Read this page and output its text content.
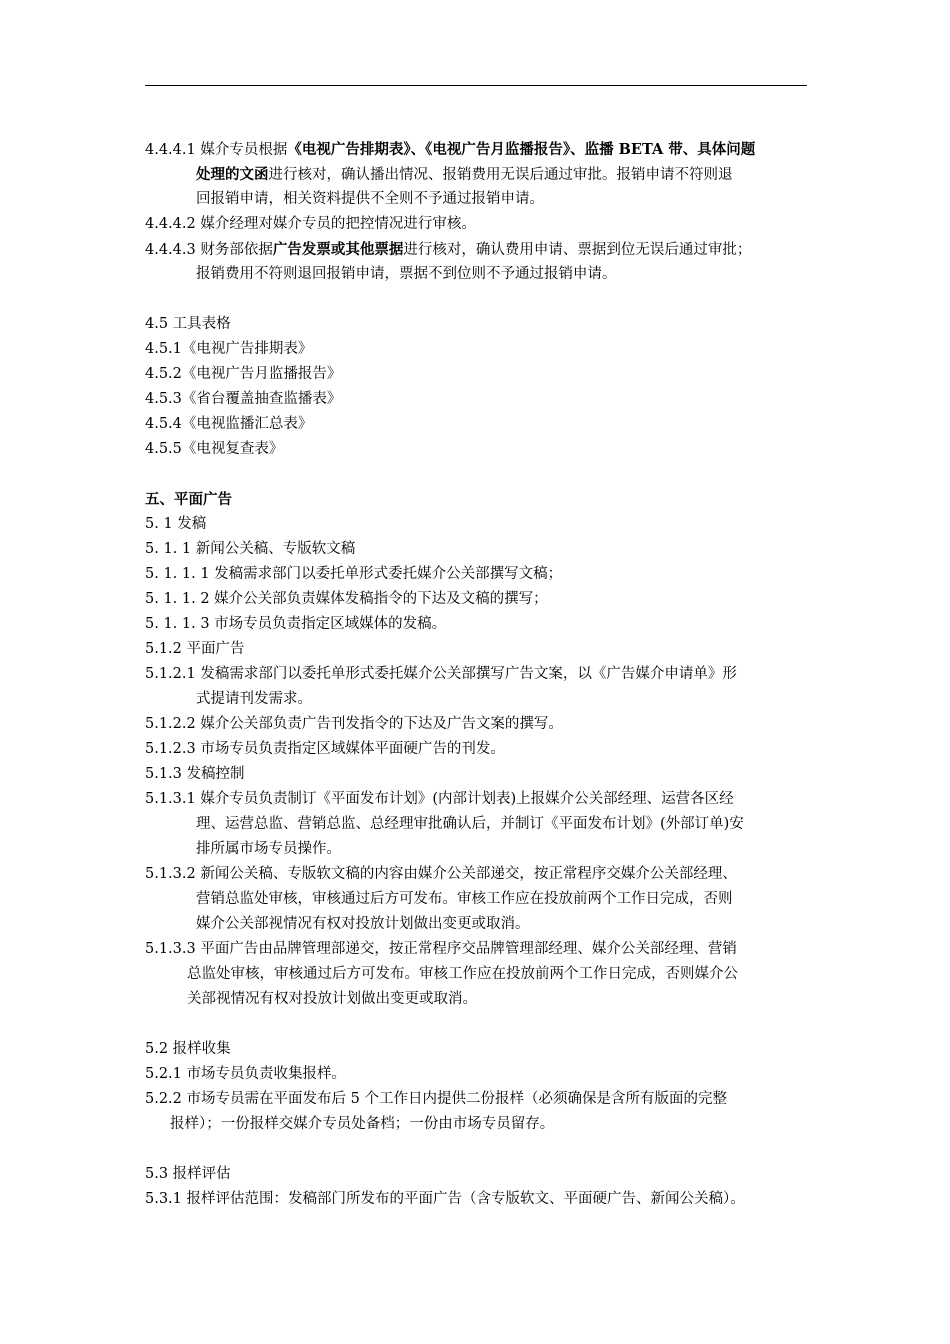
4.4.4.1 媒介专员根据《电视广告排期表》、《电视广告月监播报告》、监播 BETA 带、具体问题
处理的文函进行核对，确认播出情况、报销费用无误后通过审批。报销申请不符则退
回报销申请，相关资料提供不全则不予通过报销申请。
4.4.4.2 媒介经理对媒介专员的把控情况进行审核。
4.4.4.3 财务部依据广告发票或其他票据进行核对，确认费用申请、票据到位无误后通过审批；
报销费用不符则退回报销申请，票据不到位则不予通过报销申请。
4.5 工具表格
4.5.1《电视广告排期表》
4.5.2《电视广告月监播报告》
4.5.3《省台覆盖抽查监播表》
4.5.4《电视监播汇总表》
4.5.5《电视复查表》
五、平面广告
5. 1 发稿
5. 1. 1 新闻公关稿、专版软文稿
5. 1. 1. 1 发稿需求部门以委托单形式委托媒介公关部撰写文稿；
5. 1. 1. 2 媒介公关部负责媒体发稿指令的下达及文稿的撰写；
5. 1. 1. 3 市场专员负责指定区域媒体的发稿。
5.1.2 平面广告
5.1.2.1 发稿需求部门以委托单形式委托媒介公关部撰写广告文案，以《广告媒介申请单》形
式提请刊发需求。
5.1.2.2 媒介公关部负责广告刊发指令的下达及广告文案的撰写。
5.1.2.3 市场专员负责指定区域媒体平面硬广告的刊发。
5.1.3 发稿控制
5.1.3.1 媒介专员负责制订《平面发布计划》(内部计划表)上报媒介公关部经理、运营各区经
理、运营总监、营销总监、总经理审批确认后，并制订《平面发布计划》(外部订单)安
排所属市场专员操作。
5.1.3.2 新闻公关稿、专版软文稿的内容由媒介公关部递交，按正常程序交媒介公关部经理、
营销总监处审核，审核通过后方可发布。审核工作应在投放前两个工作日完成，否则
媒介公关部视情况有权对投放计划做出变更或取消。
5.1.3.3 平面广告由品牌管理部递交，按正常程序交品牌管理部经理、媒介公关部经理、营销
总监处审核，审核通过后方可发布。审核工作应在投放前两个工作日完成，否则媒介公
关部视情况有权对投放计划做出变更或取消。
5.2 报样收集
5.2.1 市场专员负责收集报样。
5.2.2 市场专员需在平面发布后 5 个工作日内提供二份报样（必须确保是含所有版面的完整
报样）；一份报样交媒介专员处备档；一份由市场专员留存。
5.3 报样评估
5.3.1 报样评估范围：发稿部门所发布的平面广告（含专版软文、平面硬广告、新闻公关稿）。
